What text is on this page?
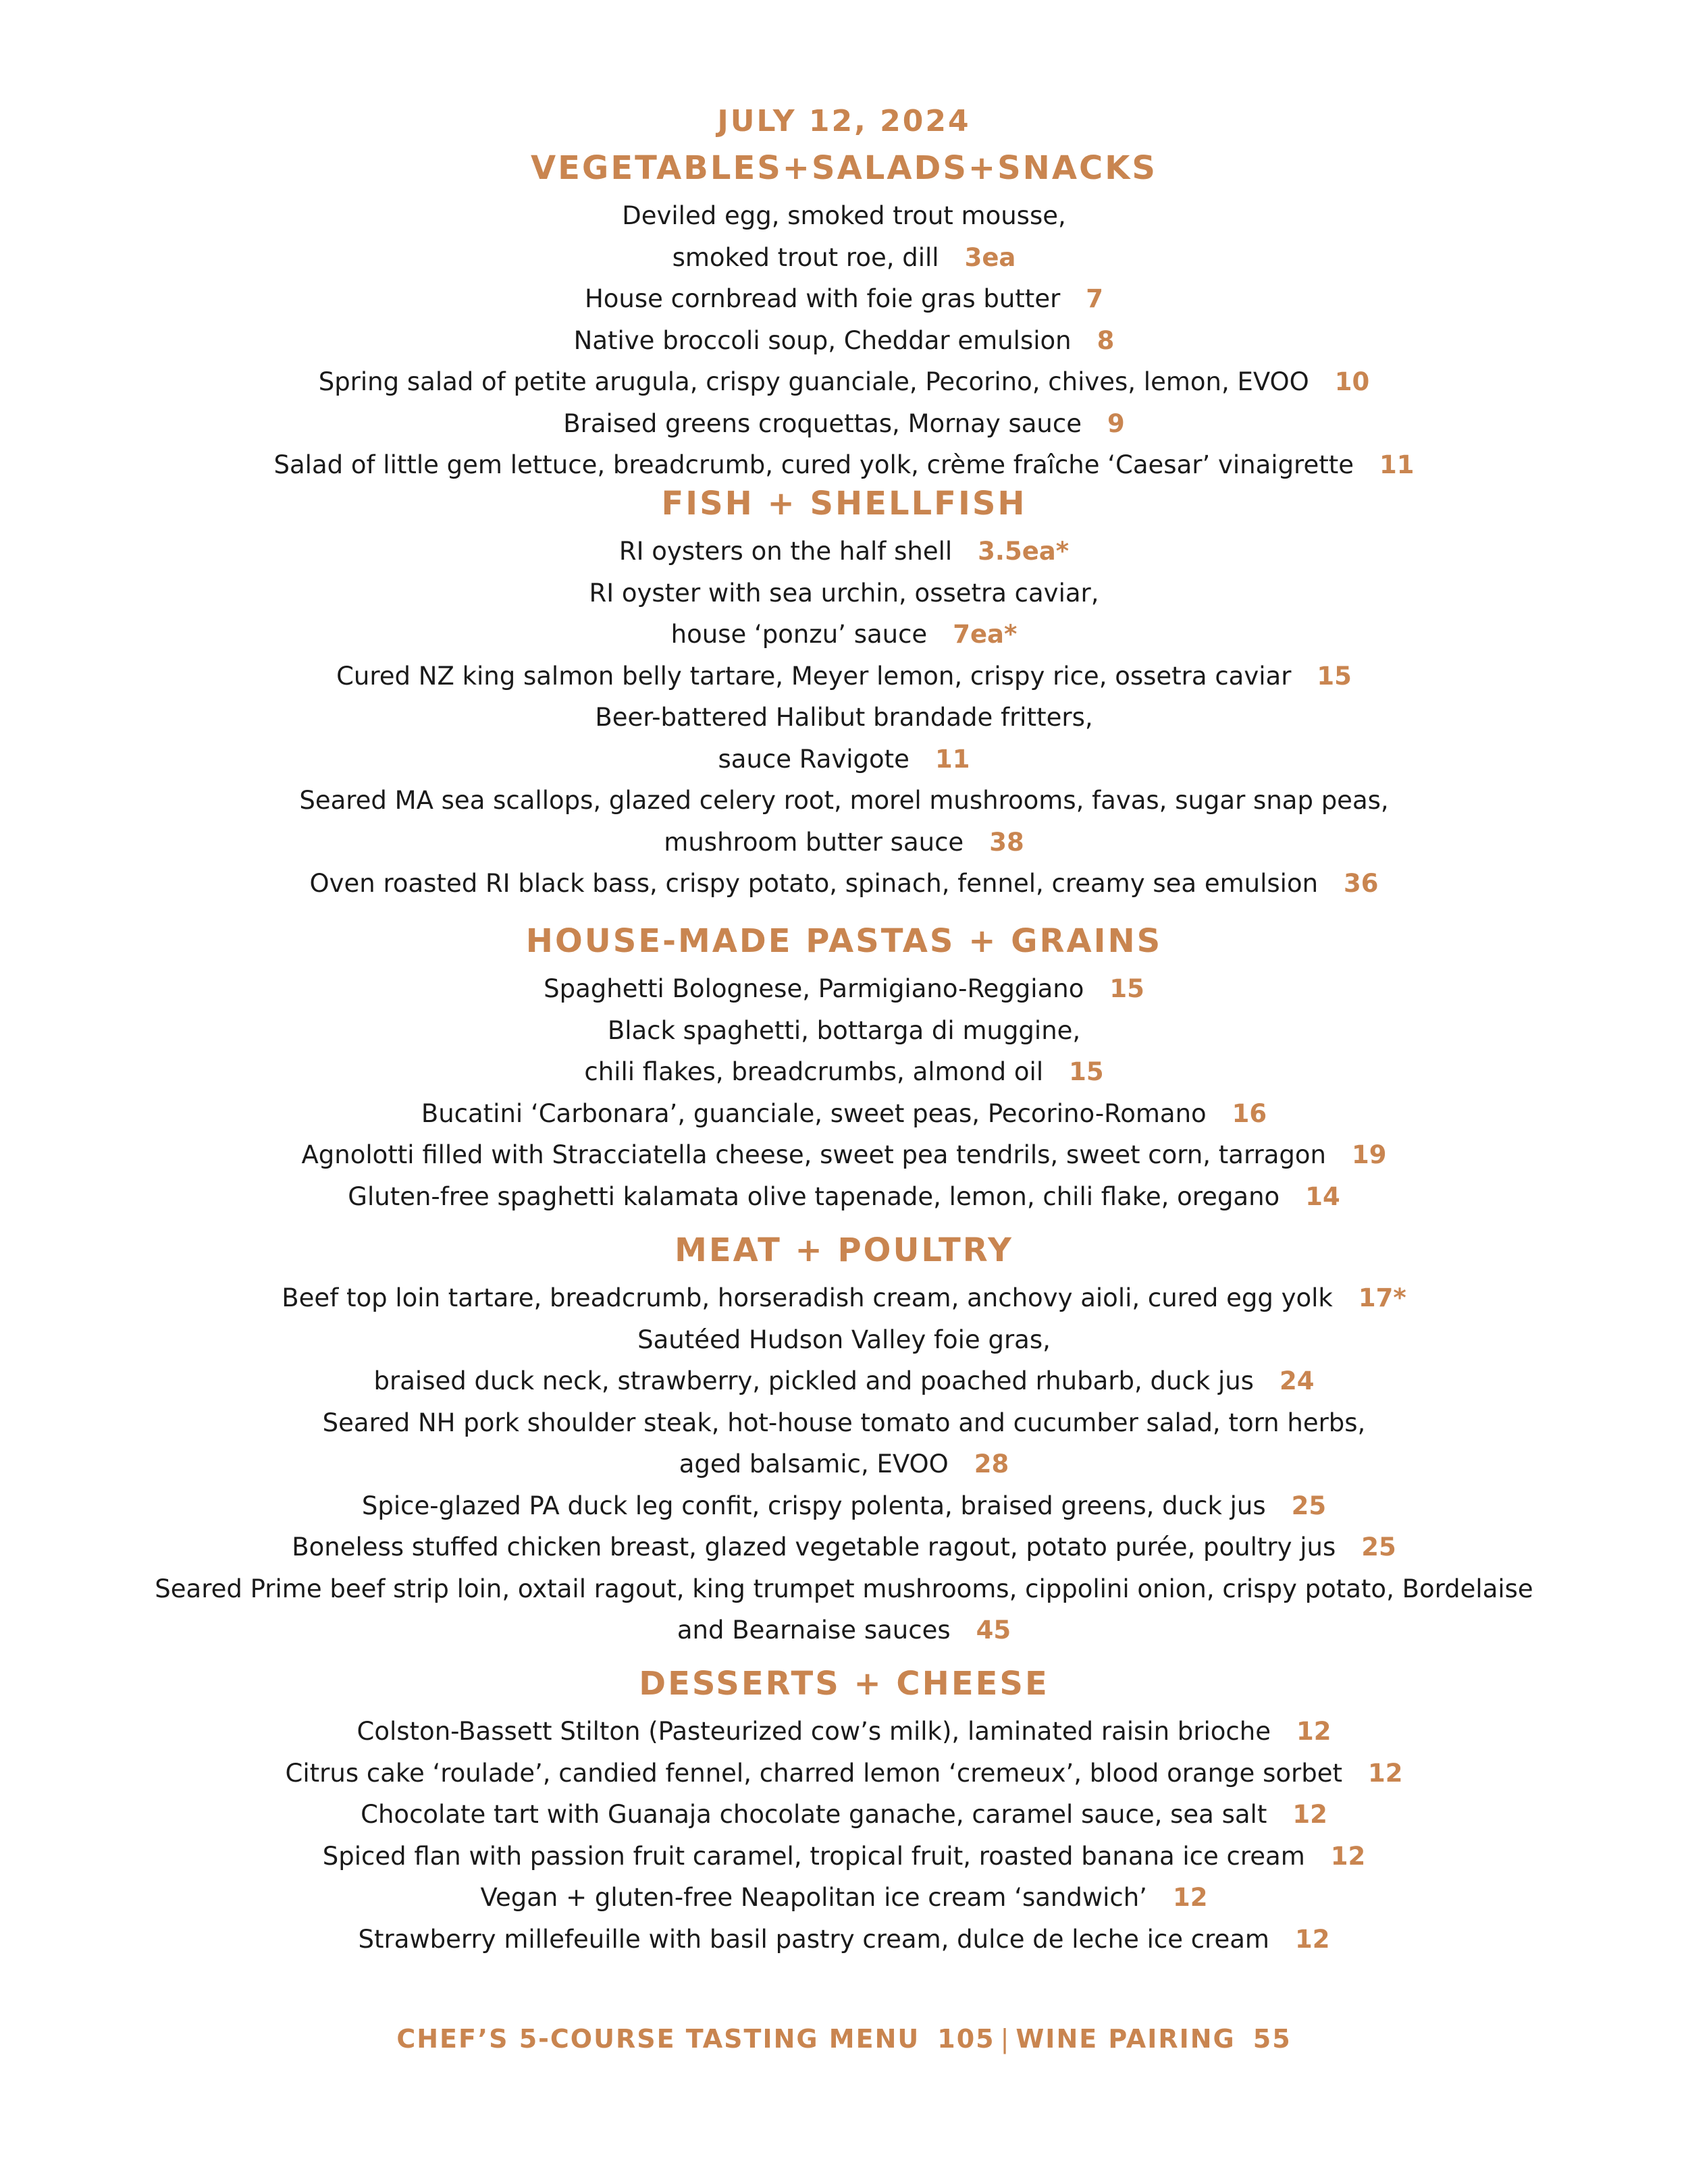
JULY 12, 2024
VEGETABLES+SALADS+SNACKS
Deviled egg, smoked trout mousse,
smoked trout roe, dill 3ea
House cornbread with foie gras butter 7
Native broccoli soup, Cheddar emulsion 8
Spring salad of petite arugula, crispy guanciale, Pecorino, chives, lemon, EVOO 10
Braised greens croquettas, Mornay sauce 9
Salad of little gem lettuce, breadcrumb, cured yolk, crème fraîche ‘Caesar’ vinaigrette 11
FISH + SHELLFISH
RI oysters on the half shell 3.5ea*
RI oyster with sea urchin, ossetra caviar,
house ‘ponzu’ sauce 7ea*
Cured NZ king salmon belly tartare, Meyer lemon, crispy rice, ossetra caviar 15
Beer-battered Halibut brandade fritters,
sauce Ravigote 11
Seared MA sea scallops, glazed celery root, morel mushrooms, favas, sugar snap peas,
mushroom butter sauce 38
Oven roasted RI black bass, crispy potato, spinach, fennel, creamy sea emulsion 36
HOUSE-MADE PASTAS + GRAINS
Spaghetti Bolognese, Parmigiano-Reggiano 15
Black spaghetti, bottarga di muggine,
chili flakes, breadcrumbs, almond oil 15
Bucatini ‘Carbonara’, guanciale, sweet peas, Pecorino-Romano 16
Agnolotti filled with Stracciatella cheese, sweet pea tendrils, sweet corn, tarragon 19
Gluten-free spaghetti kalamata olive tapenade, lemon, chili flake, oregano 14
MEAT + POULTRY
Beef top loin tartare, breadcrumb, horseradish cream, anchovy aioli, cured egg yolk 17*
Sautéed Hudson Valley foie gras,
braised duck neck, strawberry, pickled and poached rhubarb, duck jus 24
Seared NH pork shoulder steak, hot-house tomato and cucumber salad, torn herbs,
aged balsamic, EVOO 28
Spice-glazed PA duck leg confit, crispy polenta, braised greens, duck jus 25
Boneless stuffed chicken breast, glazed vegetable ragout, potato purée, poultry jus 25
Seared Prime beef strip loin, oxtail ragout, king trumpet mushrooms, cippolini onion, crispy potato, Bordelaise
and Bearnaise sauces 45
DESSERTS + CHEESE
Colston-Bassett Stilton (Pasteurized cow’s milk), laminated raisin brioche 12
Citrus cake ‘roulade’, candied fennel, charred lemon ‘cremeux’, blood orange sorbet 12
Chocolate tart with Guanaja chocolate ganache, caramel sauce, sea salt 12
Spiced flan with passion fruit caramel, tropical fruit, roasted banana ice cream 12
Vegan + gluten-free Neapolitan ice cream ‘sandwich’ 12
Strawberry millefeuille with basil pastry cream, dulce de leche ice cream 12
CHEF’S 5-COURSE TASTING MENU 105 | WINE PAIRING 55
